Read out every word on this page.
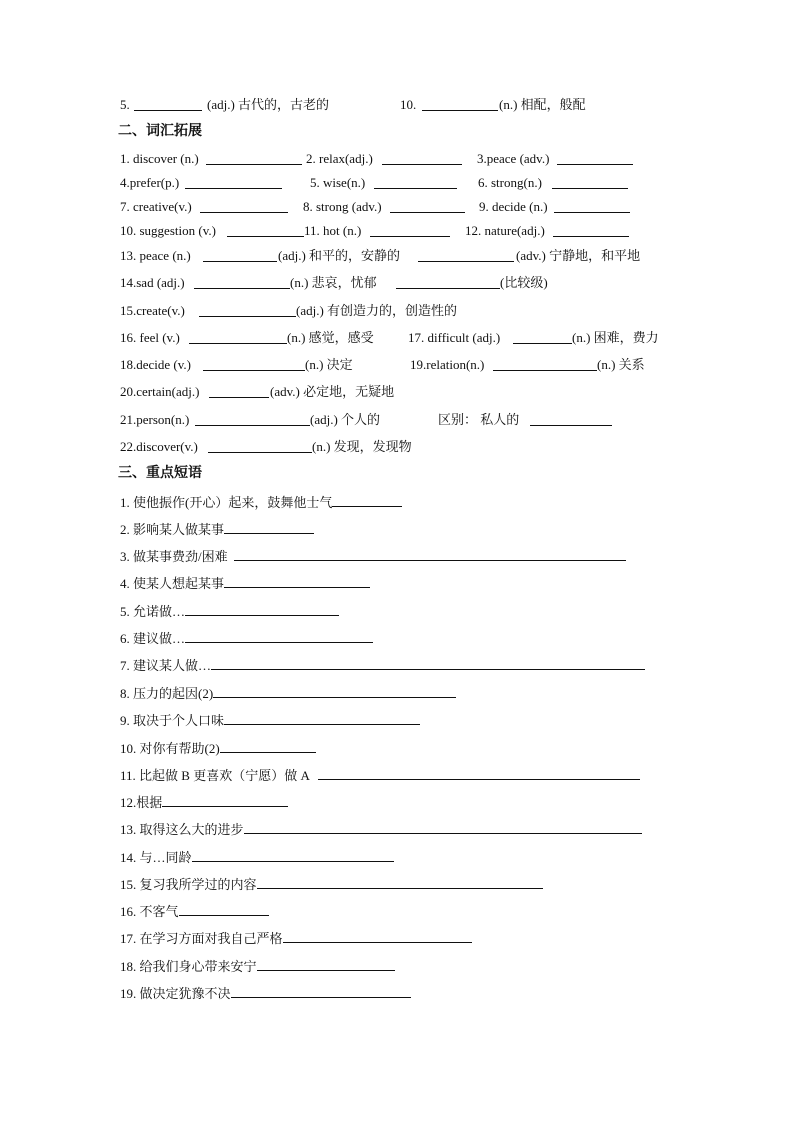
5.	(adj.) 古代的，古老的	10.	(n.) 相配，般配
二、词汇拓展
1. discover (n.)	2. relax(adj.)	3.peace (adv.)
4.prefer(p.)	5. wise(n.)	6. strong(n.)
7. creative(v.)	8. strong (adv.)	9. decide (n.)
10. suggestion (v.)	11. hot (n.)	12. nature(adj.)
13. peace (n.)	(adj.) 和平的，安静的	(adv.) 宁静地，和平地
14.sad (adj.)	(n.) 悲哀，忧郁	(比较级)
15.create(v.)	(adj.) 有创造力的，创造性的
16. feel (v.)	(n.) 感觉，感受	17. difficult (adj.)	(n.) 困难，费力
18.decide (v.)	(n.) 决定	19.relation(n.)	(n.) 关系
20.certain(adj.)	(adv.) 必定地，无疑地
21.person(n.)	(adj.) 个人的	区别： 私人的
22.discover(v.)	(n.) 发现，发现物
三、重点短语
1. 使他振作(开心）起来，鼓舞他士气
2. 影响某人做某事
3. 做某事费劲/困难
4. 使某人想起某事
5. 允诺做…
6. 建议做…
7. 建议某人做…
8. 压力的起因(2)
9. 取决于个人口味
10. 对你有帮助(2)
11. 比起做 B 更喜欢（宁愿）做 A
12.根据
13. 取得这么大的进步
14. 与…同龄
15. 复习我所学过的内容
16. 不客气
17. 在学习方面对我自己严格
18. 给我们身心带来安宁
19. 做决定犹豫不决
